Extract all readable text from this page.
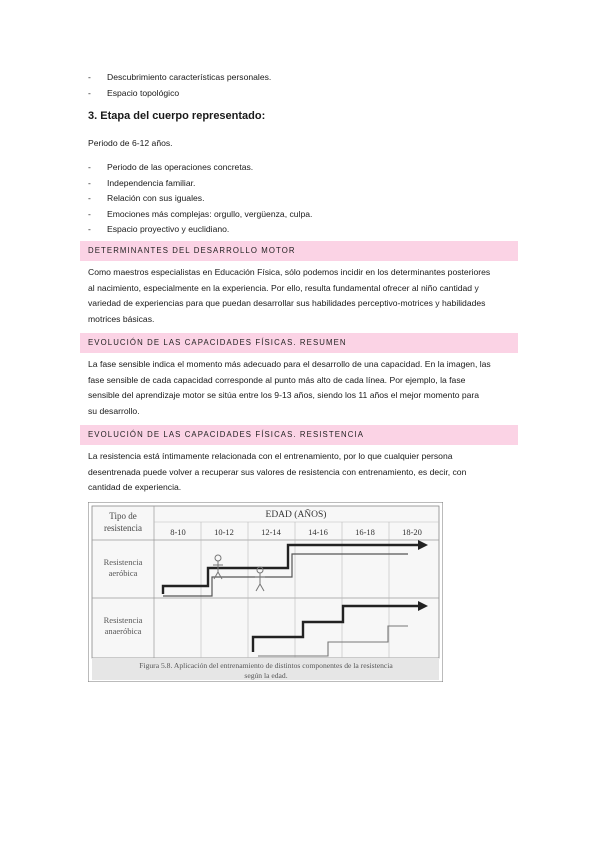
- Descubrimiento características personales.
- Espacio topológico
3. Etapa del cuerpo representado:
Periodo de 6-12 años.
- Periodo de las operaciones concretas.
- Independencia familiar.
- Relación con sus iguales.
- Emociones más complejas: orgullo, vergüenza, culpa.
- Espacio proyectivo y euclidiano.
DETERMINANTES DEL DESARROLLO MOTOR
Como maestros especialistas en Educación Física, sólo podemos incidir en los determinantes posteriores
al nacimiento, especialmente en la experiencia. Por ello, resulta fundamental ofrecer al niño cantidad y
variedad de experiencias para que puedan desarrollar sus habilidades perceptivo-motrices y habilidades
motrices básicas.
EVOLUCIÓN DE LAS CAPACIDADES FÍSICAS. RESUMEN
La fase sensible indica el momento más adecuado para el desarrollo de una capacidad. En la imagen, las
fase sensible de cada capacidad corresponde al punto más alto de cada línea. Por ejemplo, la fase
sensible del aprendizaje motor se sitúa entre los 9-13 años, siendo los 11 años el mejor momento para
su desarrollo.
EVOLUCIÓN DE LAS CAPACIDADES FÍSICAS. RESISTENCIA
La resistencia está íntimamente relacionada con el entrenamiento, por lo que cualquier persona
desentrenada puede volver a recuperar sus valores de resistencia con entrenamiento, es decir, con
cantidad de experiencia.
Tipo de
resistencia
EDAD (AÑOS)
8-10	10-12	12-14	14-16	16-18	18-20
Resistencia
aeróbica
Resistencia
anaeróbica
Figura 5.8. Aplicación del entrenamiento de distintos componentes de la resistencia
según la edad.
